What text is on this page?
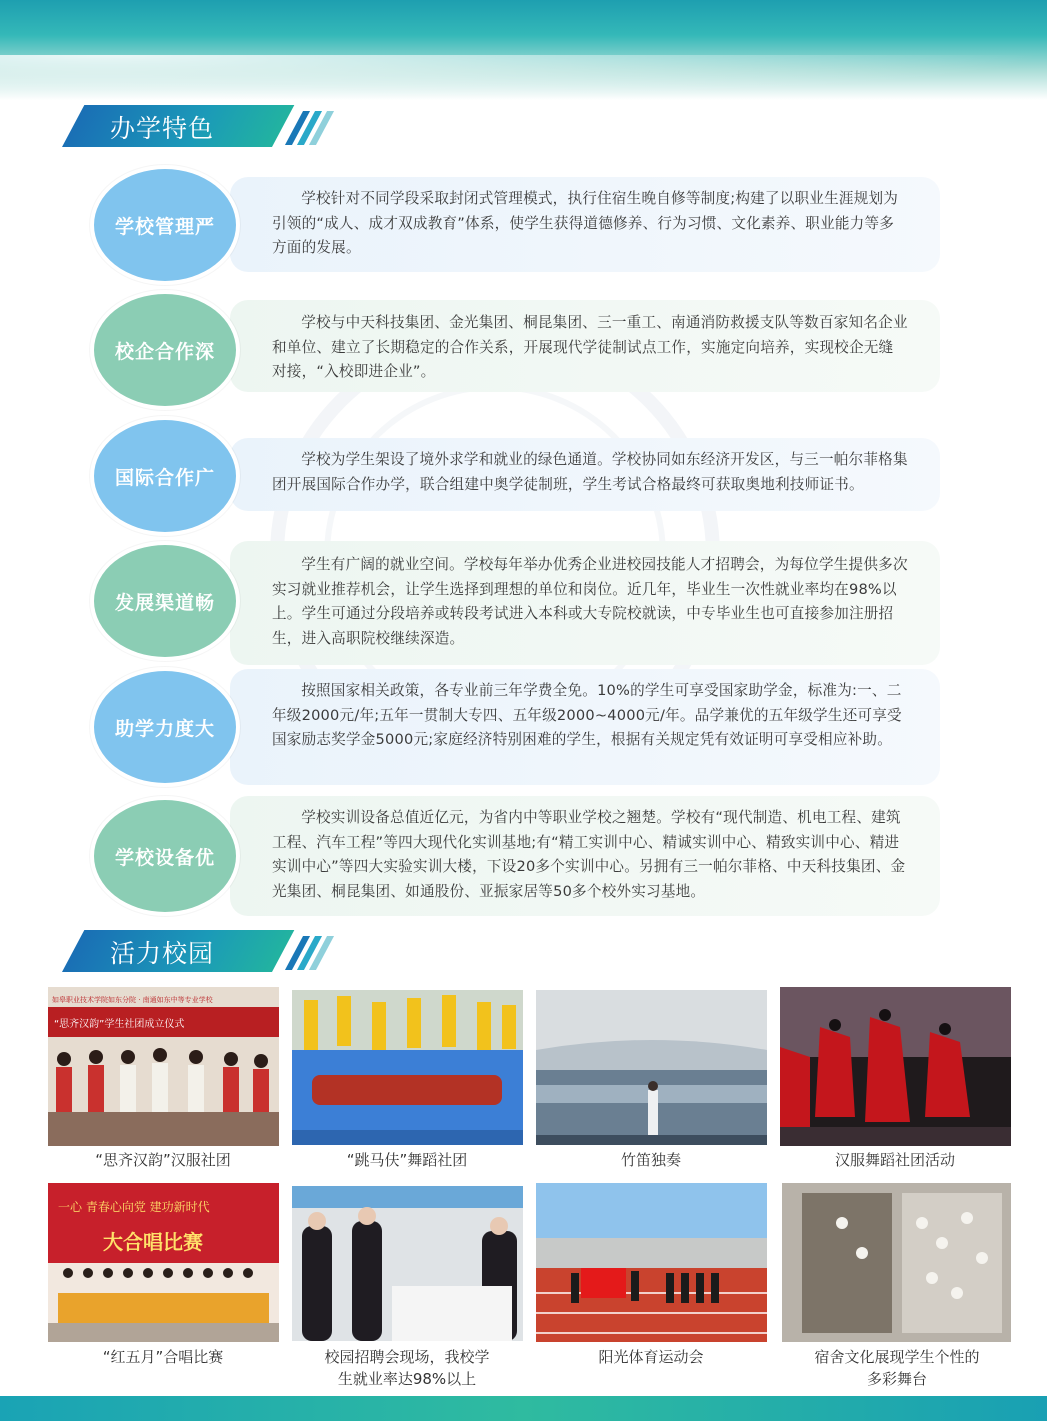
办学特色
学校针对不同学段采取封闭式管理模式，执行住宿生晚自修等制度;构建了以职业生涯规划为引领的“成人、成才双成教育”体系，使学生获得道德修养、行为习惯、文化素养、职业能力等多方面的发展。
学校管理严
学校与中天科技集团、金光集团、桐昆集团、三一重工、南通消防救援支队等数百家知名企业和单位、建立了长期稳定的合作关系，开展现代学徒制试点工作，实施定向培养，实现校企无缝对接，“入校即进企业”。
校企合作深
学校为学生架设了境外求学和就业的绿色通道。学校协同如东经济开发区，与三一帕尔菲格集团开展国际合作办学，联合组建中奥学徒制班，学生考试合格最终可获取奥地利技师证书。
国际合作广
学生有广阔的就业空间。学校每年举办优秀企业进校园技能人才招聘会，为每位学生提供多次实习就业推荐机会，让学生选择到理想的单位和岗位。近几年，毕业生一次性就业率均在98%以上。学生可通过分段培养或转段考试进入本科或大专院校就读，中专毕业生也可直接参加注册招生，进入高职院校继续深造。
发展渠道畅
按照国家相关政策，各专业前三年学费全免。10%的学生可享受国家助学金，标准为:一、二年级2000元/年;五年一贯制大专四、五年级2000~4000元/年。品学兼优的五年级学生还可享受国家励志奖学金5000元;家庭经济特别困难的学生，根据有关规定凭有效证明可享受相应补助。
助学力度大
学校实训设备总值近亿元，为省内中等职业学校之翘楚。学校有“现代制造、机电工程、建筑工程、汽车工程”等四大现代化实训基地;有“精工实训中心、精诚实训中心、精致实训中心、精进实训中心”等四大实验实训大楼，下设20多个实训中心。另拥有三一帕尔菲格、中天科技集团、金光集团、桐昆集团、如通股份、亚振家居等50多个校外实习基地。
学校设备优
活力校园
如皋职业技术学院如东分院 · 南通如东中等专业学校
“思齐汉韵”学生社团成立仪式
“思齐汉韵”汉服社团	“跳马伕”舞蹈社团	竹笛独奏	汉服舞蹈社团活动
一心 青春心向党 建功新时代
大合唱比赛
“红五月”合唱比赛	校园招聘会现场，我校学生就业率达98%以上
阳光体育运动会	宿舍文化展现学生个性的多彩舞台
